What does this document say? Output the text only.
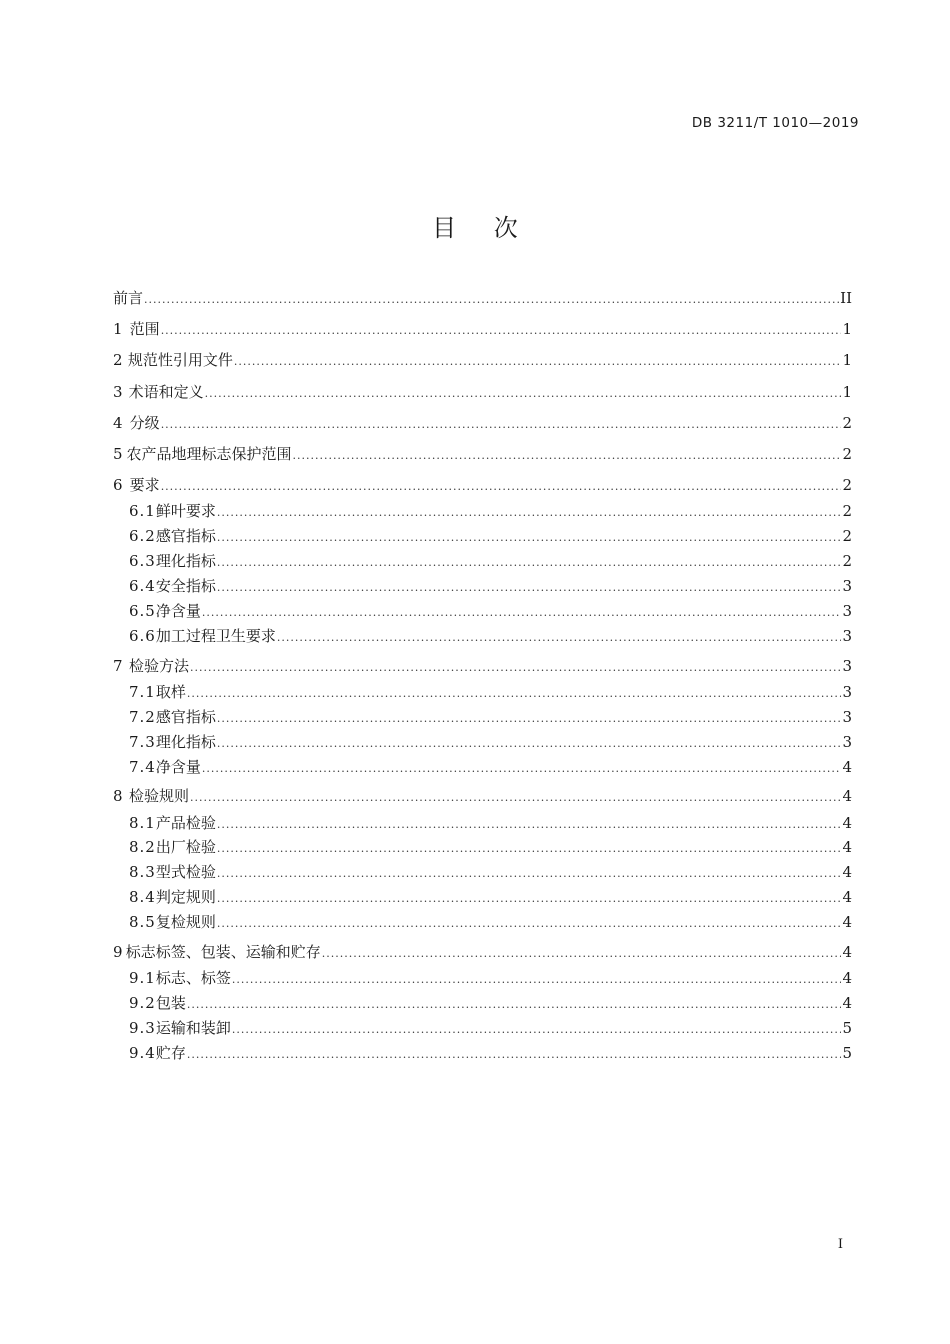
DB 3211/T 1010—2019
目 次
前言 .....	II
1 范围 .....	1
2 规范性引用文件 .....	1
3 术语和定义 .....	1
4 分级 .....	2
5 农产品地理标志保护范围 .....	2
6 要求 .....	2
6.1 鲜叶要求 .....	2
6.2 感官指标 .....	2
6.3 理化指标 .....	2
6.4 安全指标 .....	3
6.5 净含量 .....	3
6.6 加工过程卫生要求 .....	3
7 检验方法 .....	3
7.1 取样 .....	3
7.2 感官指标 .....	3
7.3 理化指标 .....	3
7.4 净含量 .....	4
8 检验规则 .....	4
8.1 产品检验 .....	4
8.2 出厂检验 .....	4
8.3 型式检验 .....	4
8.4 判定规则 .....	4
8.5 复检规则 .....	4
9 标志标签、包装、运输和贮存 .....	4
9.1 标志、标签 .....	4
9.2 包装 .....	4
9.3 运输和装卸 .....	5
9.4 贮存 .....	5
I
